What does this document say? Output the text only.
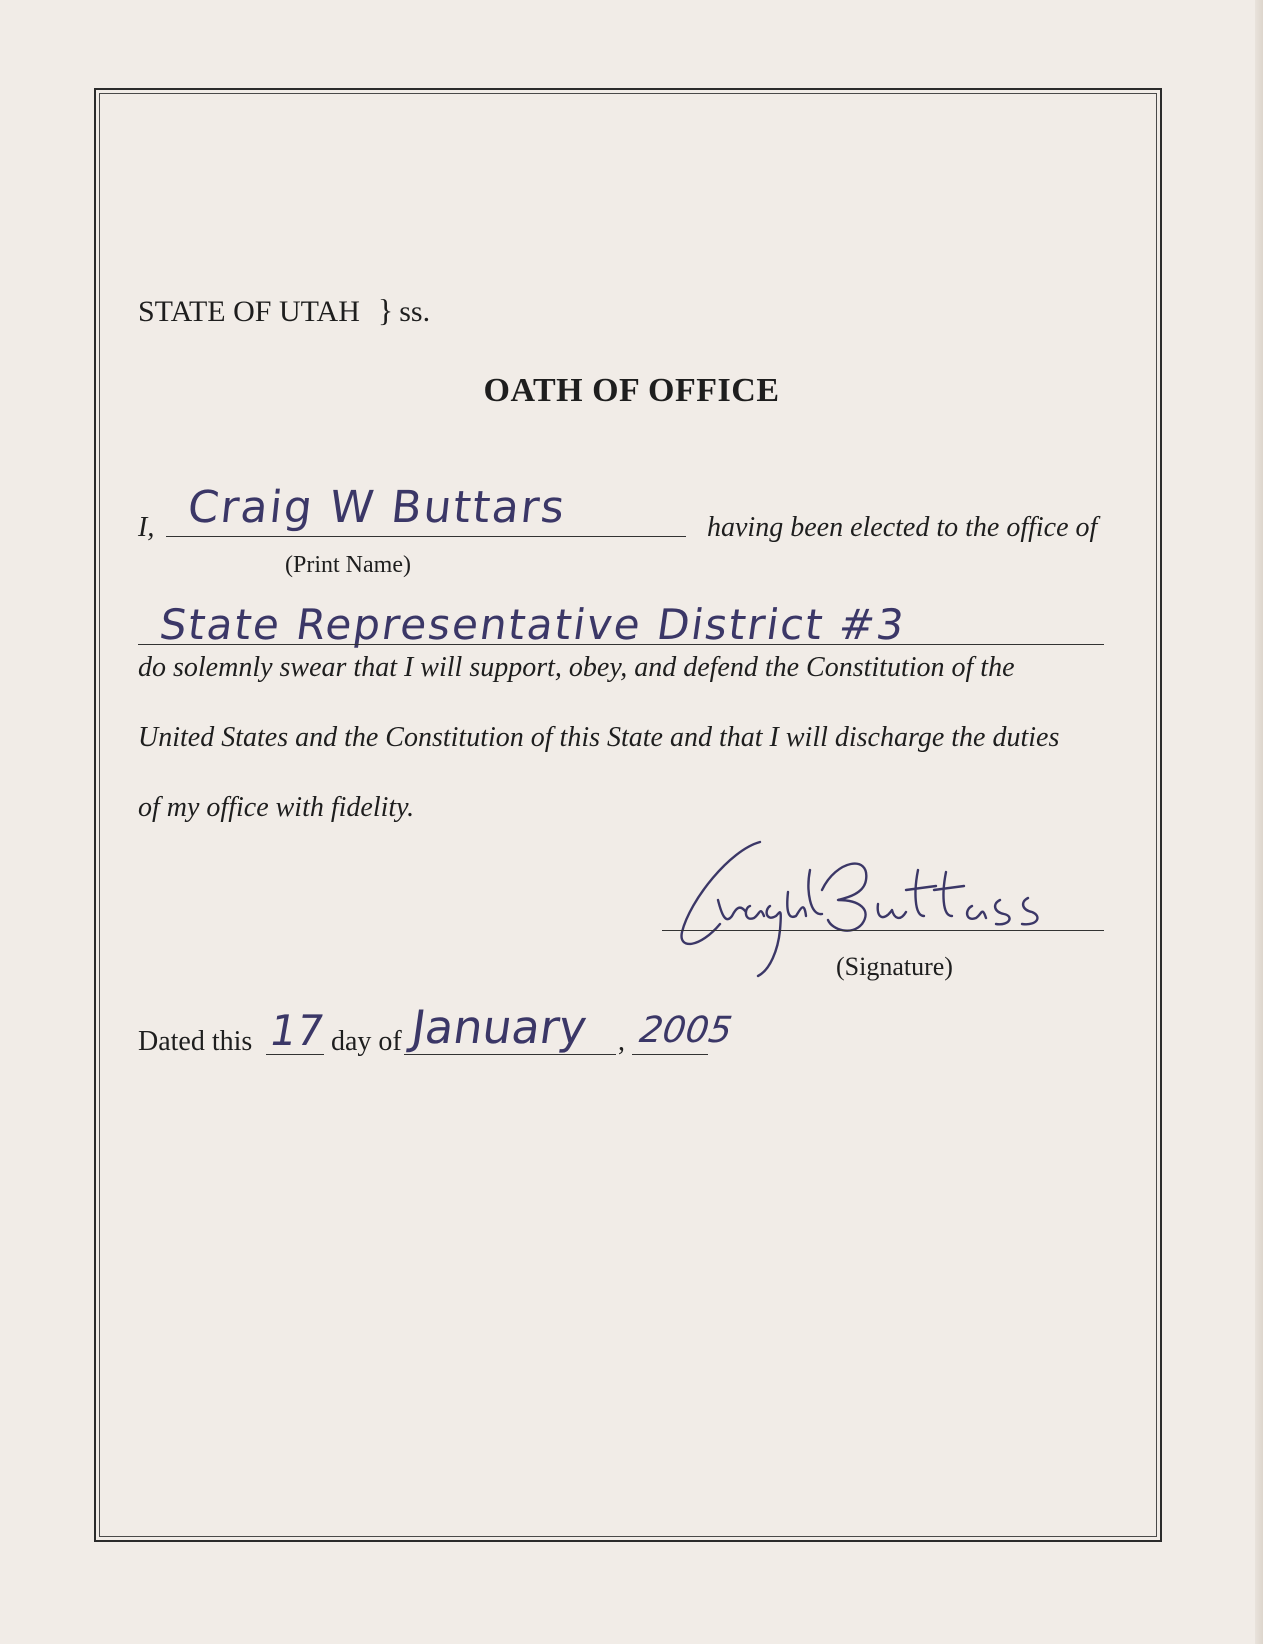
STATE OF UTAH } ss.
OATH OF OFFICE
I, Craig W Buttars	having been elected to the office of
(Print Name)
State Representative District #3
do solemnly swear that I will support, obey, and defend the Constitution of the
United States and the Constitution of this State and that I will discharge the duties
of my office with fidelity.
(Signature)
Dated this 17 day of January , 2005
